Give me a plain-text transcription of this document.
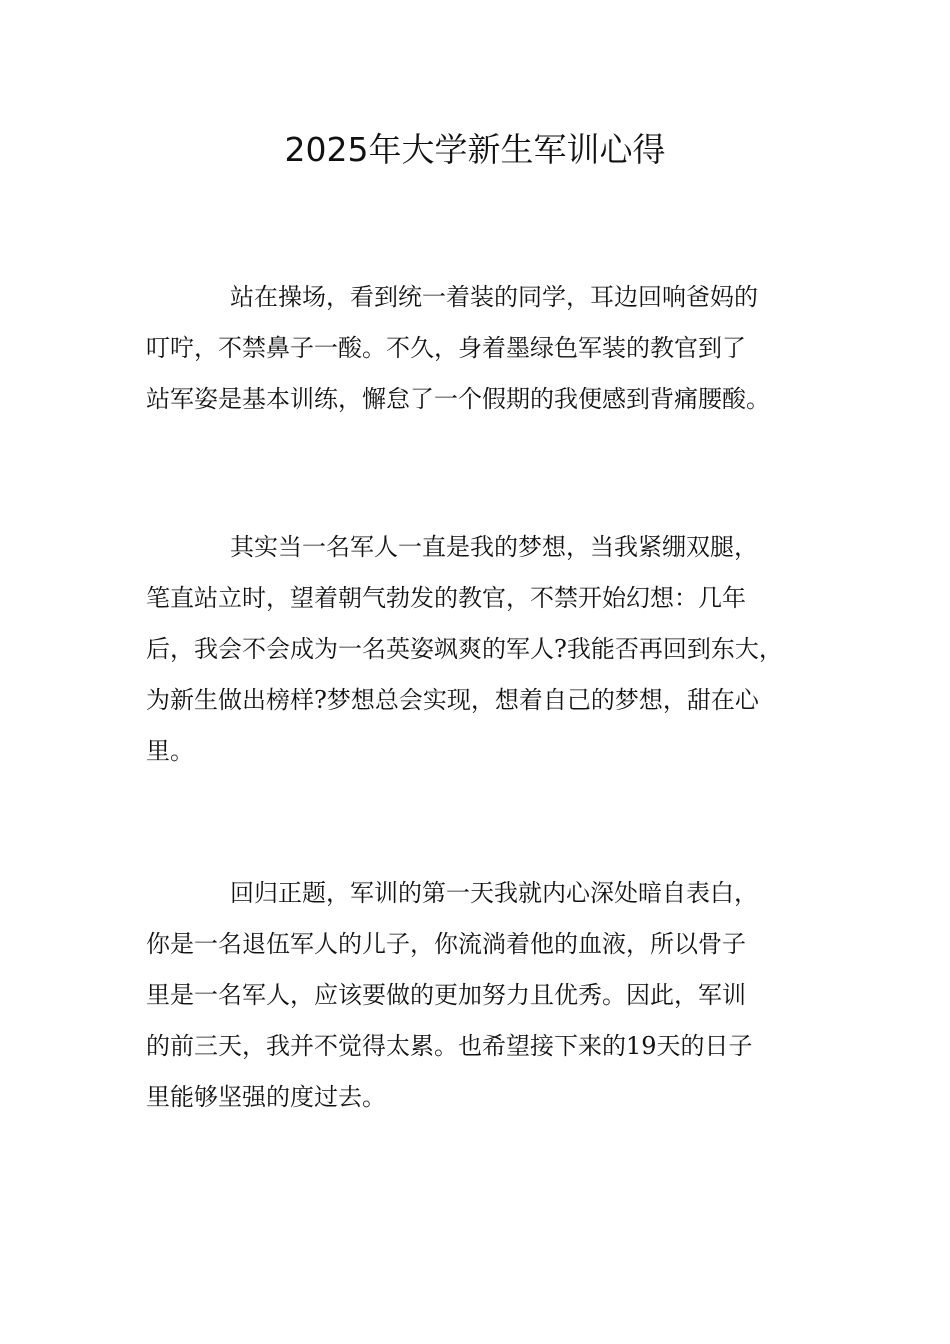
2025年大学新生军训心得
站在操场，看到统一着装的同学，耳边回响爸妈的
叮咛，不禁鼻子一酸。不久，身着墨绿色军装的教官到了
站军姿是基本训练，懈怠了一个假期的我便感到背痛腰酸。
其实当一名军人一直是我的梦想，当我紧绷双腿，
笔直站立时，望着朝气勃发的教官，不禁开始幻想：几年
后，我会不会成为一名英姿飒爽的军人?我能否再回到东大，
为新生做出榜样?梦想总会实现，想着自己的梦想，甜在心
里。
回归正题，军训的第一天我就内心深处暗自表白，
你是一名退伍军人的儿子，你流淌着他的血液，所以骨子
里是一名军人，应该要做的更加努力且优秀。因此，军训
的前三天，我并不觉得太累。也希望接下来的19天的日子
里能够坚强的度过去。
